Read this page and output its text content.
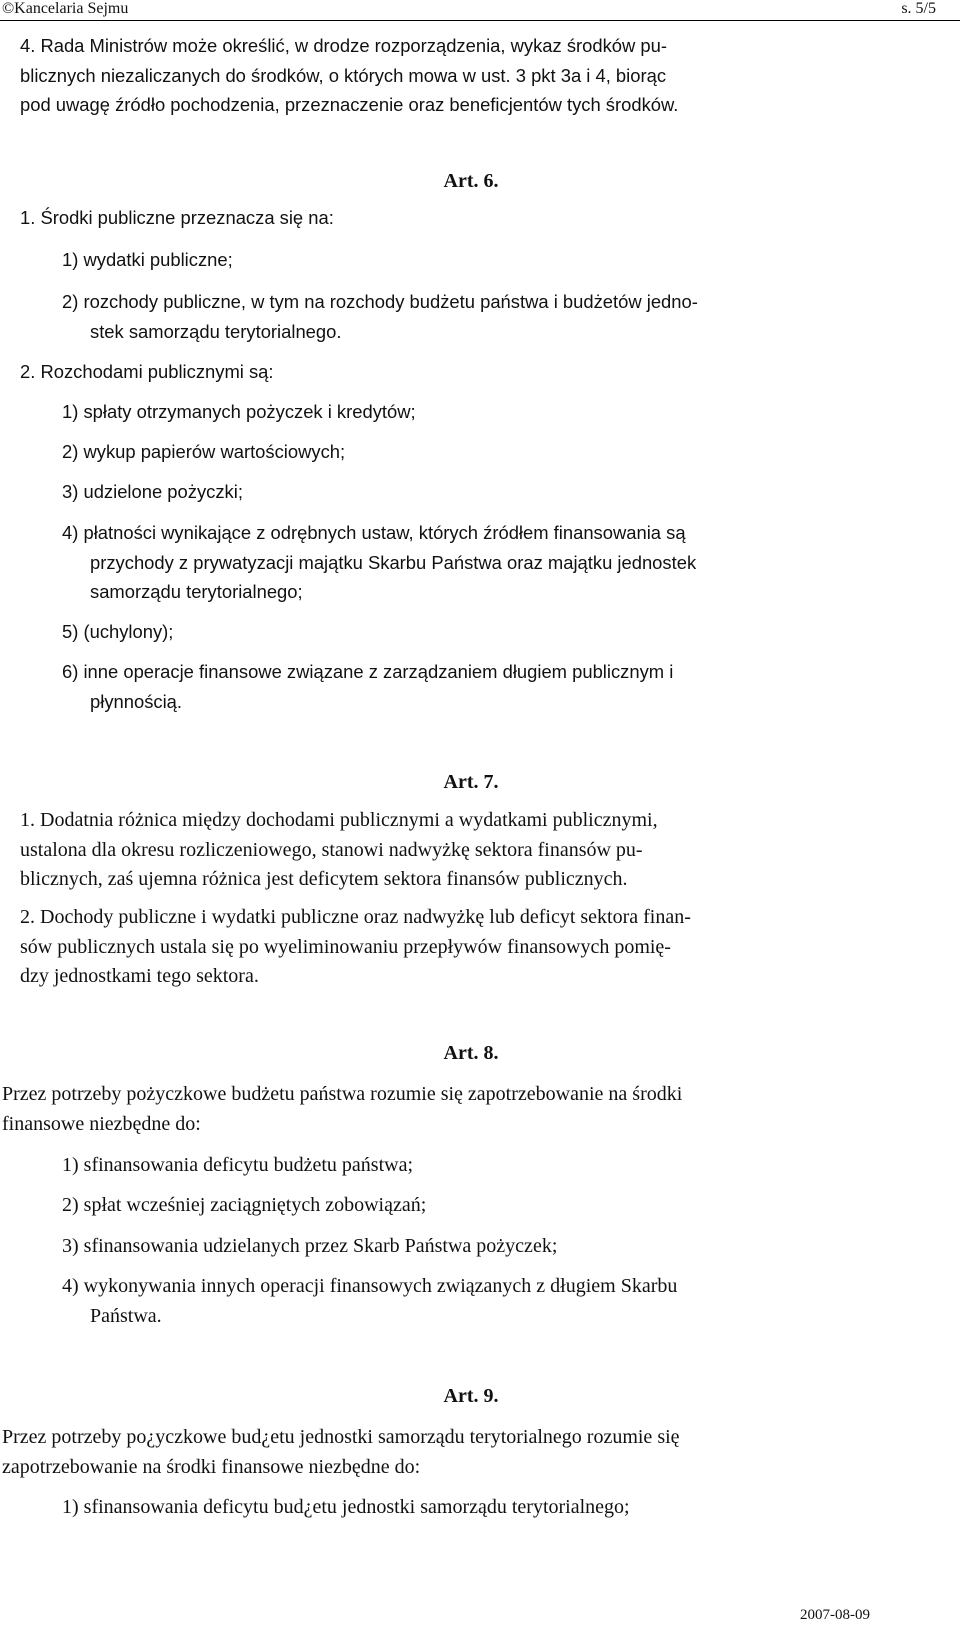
©Kancelaria Sejmu	s. 5/5
4. Rada Ministrów może określić, w drodze rozporządzenia, wykaz środków pu-
blicznych niezaliczanych do środków, o których mowa w ust. 3 pkt 3a i 4, biorąc
pod uwagę źródło pochodzenia, przeznaczenie oraz beneficjentów tych środków.
Art. 6.
1. Środki publiczne przeznacza się na:
1) wydatki publiczne;
2) rozchody publiczne, w tym na rozchody budżetu państwa i budżetów jedno-
stek samorządu terytorialnego.
2. Rozchodami publicznymi są:
1) spłaty otrzymanych pożyczek i kredytów;
2) wykup papierów wartościowych;
3) udzielone pożyczki;
4) płatności wynikające z odrębnych ustaw, których źródłem finansowania są
przychody z prywatyzacji majątku Skarbu Państwa oraz majątku jednostek
samorządu terytorialnego;
5) (uchylony);
6) inne operacje finansowe związane z zarządzaniem długiem publicznym i
płynnością.
Art. 7.
1. Dodatnia różnica między dochodami publicznymi a wydatkami publicznymi,
ustalona dla okresu rozliczeniowego, stanowi nadwyżkę sektora finansów pu-
blicznych, zaś ujemna różnica jest deficytem sektora finansów publicznych.
2. Dochody publiczne i wydatki publiczne oraz nadwyżkę lub deficyt sektora finan-
sów publicznych ustala się po wyeliminowaniu przepływów finansowych pomię-
dzy jednostkami tego sektora.
Art. 8.
Przez potrzeby pożyczkowe budżetu państwa rozumie się zapotrzebowanie na środki
finansowe niezbędne do:
1) sfinansowania deficytu budżetu państwa;
2) spłat wcześniej zaciągniętych zobowiązań;
3) sfinansowania udzielanych przez Skarb Państwa pożyczek;
4) wykonywania innych operacji finansowych związanych z długiem Skarbu
Państwa.
Art. 9.
Przez potrzeby po¿yczkowe bud¿etu jednostki samorządu terytorialnego rozumie się
zapotrzebowanie na środki finansowe niezbędne do:
1) sfinansowania deficytu bud¿etu jednostki samorządu terytorialnego;
2007-08-09
